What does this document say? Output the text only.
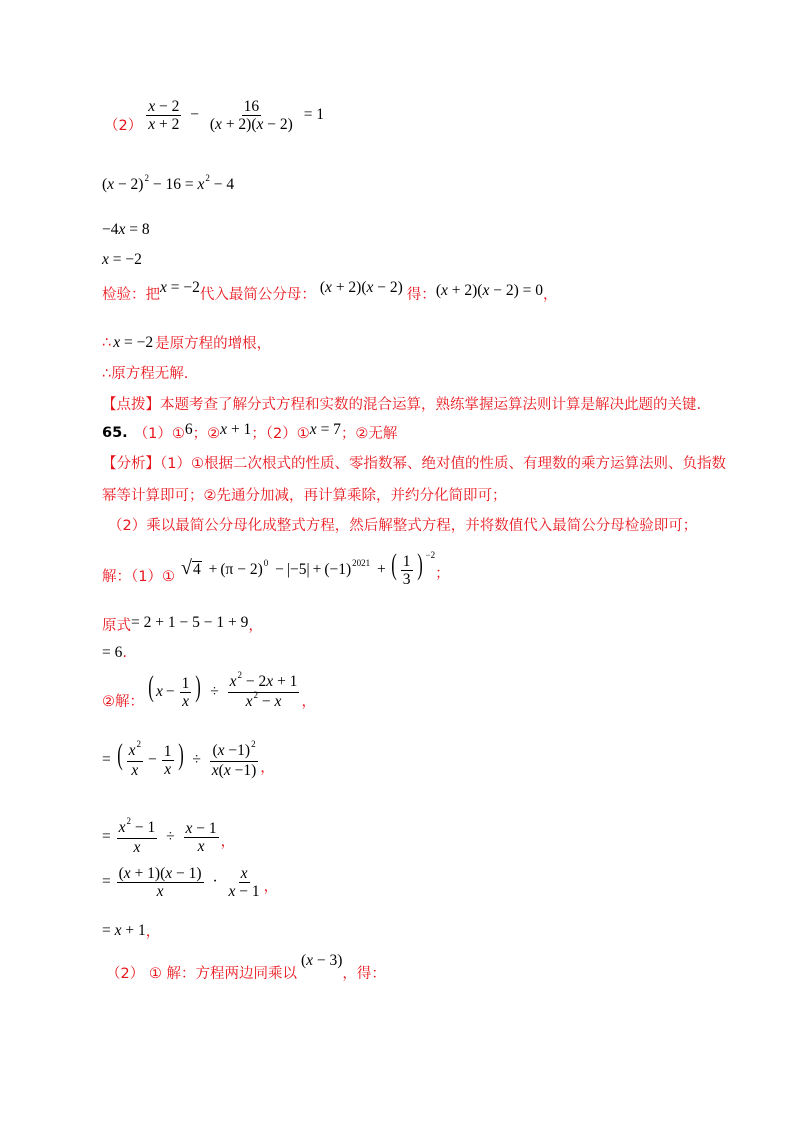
$(2) \frac{x - 2}{x + 2} - \frac{16}{(x + 2)(x - 2)} = 1$
$(x - 2)^2 - 16 = x^2 - 4$
−4x = 8
x = −2
检验：把 x = −2 代入最简公分母： (x + 2)(x − 2) 得： (x + 2)(x − 2) = 0 ，
∴ x = −2 是原方程的增根，
∴原方程无解.
【点拨】本题考查了解分式方程和实数的混合运算，熟练掌握运算法则计算是解决此题的关键.
65. （1）① 6 ；② x + 1 ；（2）① x = 7 ；②无解
【分析】（1）①根据二次根式的性质、零指数幂、绝对值的性质、有理数的乘方运算法则、负指数
幂等计算即可；②先通分加减，再计算乘除，并约分化简即可；
（2）乘以最简公分母化成整式方程，然后解整式方程，并将数值代入最简公分母检验即可；
解：（1）① √ $4 + (\pi - 2)^0 - |-5| + (-1)^{2021}$ + ( $\frac{1}{3}$ ) $^{-2}$
；
原式 = 2 + 1 − 5 − 1 + 9 ，
= 6 .
②解： ( $x - \frac{1}{x}$ ) ÷ $\frac{x^2 - 2x + 1}{x^2 - x}$ ，
= ( $\frac{x^2}{x} - \frac{1}{x}$ ) ÷ $\frac{(x -1)^2}{x(x -1)}$ ，
= $\frac{x^2 - 1}{x} \div \frac{x - 1}{x}$ ，
= $\frac{(x + 1)(x - 1)}{x} \cdot \frac{x}{x - 1}$ ，
= x + 1 ，
（2） ① 解：方程两边同乘以
(x − 3)
，得：
